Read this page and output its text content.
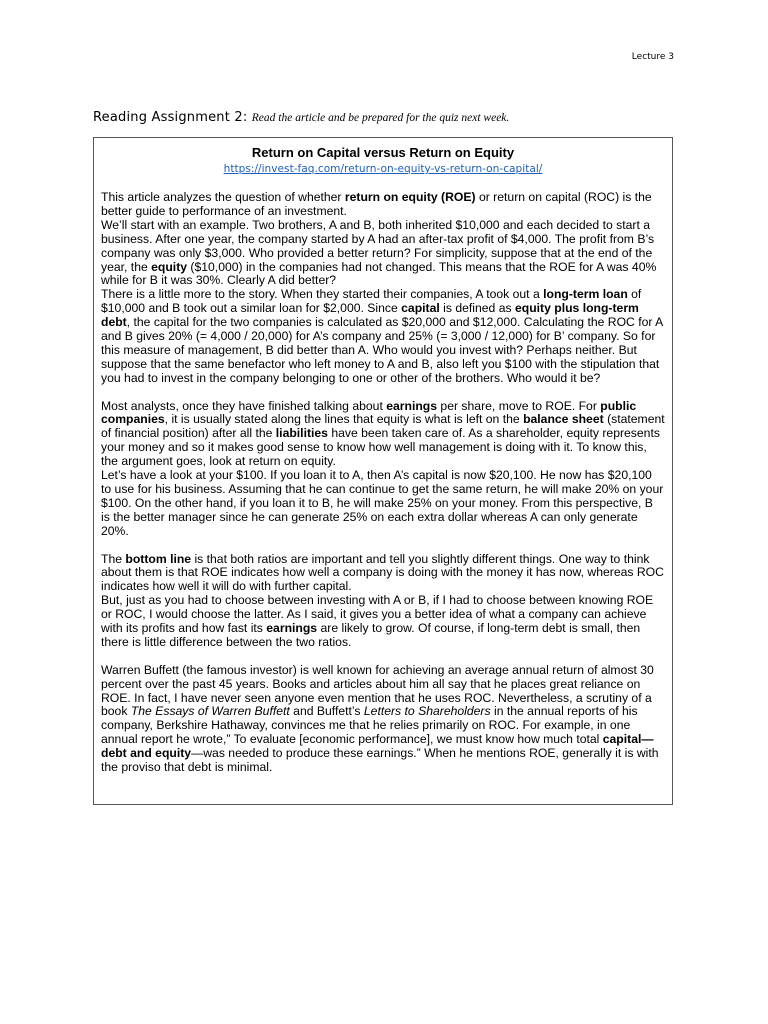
Lecture 3
Reading Assignment 2: Read the article and be prepared for the quiz next week.

Return on Capital versus Return on Equity

https://invest-faq.com/return-on-equity-vs-return-on-capital/

This article analyzes the question of whether return on equity (ROE) or return on capital (ROC) is the better guide to performance of an investment.

We’ll start with an example. Two brothers, A and B, both inherited $10,000 and each decided to start a business. After one year, the company started by A had an after-tax profit of $4,000. The profit from B’s company was only $3,000. Who provided a better return? For simplicity, suppose that at the end of the year, the equity ($10,000) in the companies had not changed. This means that the ROE for A was 40% while for B it was 30%. Clearly A did better?

There is a little more to the story. When they started their companies, A took out a long-term loan of $10,000 and B took out a similar loan for $2,000. Since capital is defined as equity plus long-term debt, the capital for the two companies is calculated as $20,000 and $12,000. Calculating the ROC for A and B gives 20% (= 4,000 / 20,000) for A’s company and 25% (= 3,000 / 12,000) for B’ company. So for this measure of management, B did better than A. Who would you invest with? Perhaps neither. But suppose that the same benefactor who left money to A and B, also left you $100 with the stipulation that you had to invest in the company belonging to one or other of the brothers. Who would it be?

Most analysts, once they have finished talking about earnings per share, move to ROE. For public companies, it is usually stated along the lines that equity is what is left on the balance sheet (statement of financial position) after all the liabilities have been taken care of. As a shareholder, equity represents your money and so it makes good sense to know how well management is doing with it. To know this, the argument goes, look at return on equity.

Let’s have a look at your $100. If you loan it to A, then A’s capital is now $20,100. He now has $20,100 to use for his business. Assuming that he can continue to get the same return, he will make 20% on your $100. On the other hand, if you loan it to B, he will make 25% on your money. From this perspective, B is the better manager since he can generate 25% on each extra dollar whereas A can only generate 20%.

The bottom line is that both ratios are important and tell you slightly different things. One way to think about them is that ROE indicates how well a company is doing with the money it has now, whereas ROC indicates how well it will do with further capital.

But, just as you had to choose between investing with A or B, if I had to choose between knowing ROE or ROC, I would choose the latter. As I said, it gives you a better idea of what a company can achieve with its profits and how fast its earnings are likely to grow. Of course, if long-term debt is small, then there is little difference between the two ratios.

Warren Buffett (the famous investor) is well known for achieving an average annual return of almost 30 percent over the past 45 years. Books and articles about him all say that he places great reliance on ROE. In fact, I have never seen anyone even mention that he uses ROC. Nevertheless, a scrutiny of a book The Essays of Warren Buffett and Buffett’s Letters to Shareholders in the annual reports of his company, Berkshire Hathaway, convinces me that he relies primarily on ROC. For example, in one annual report he wrote,” To evaluate [economic performance], we must know how much total capital—debt and equity—was needed to produce these earnings.” When he mentions ROE, generally it is with the proviso that debt is minimal.
